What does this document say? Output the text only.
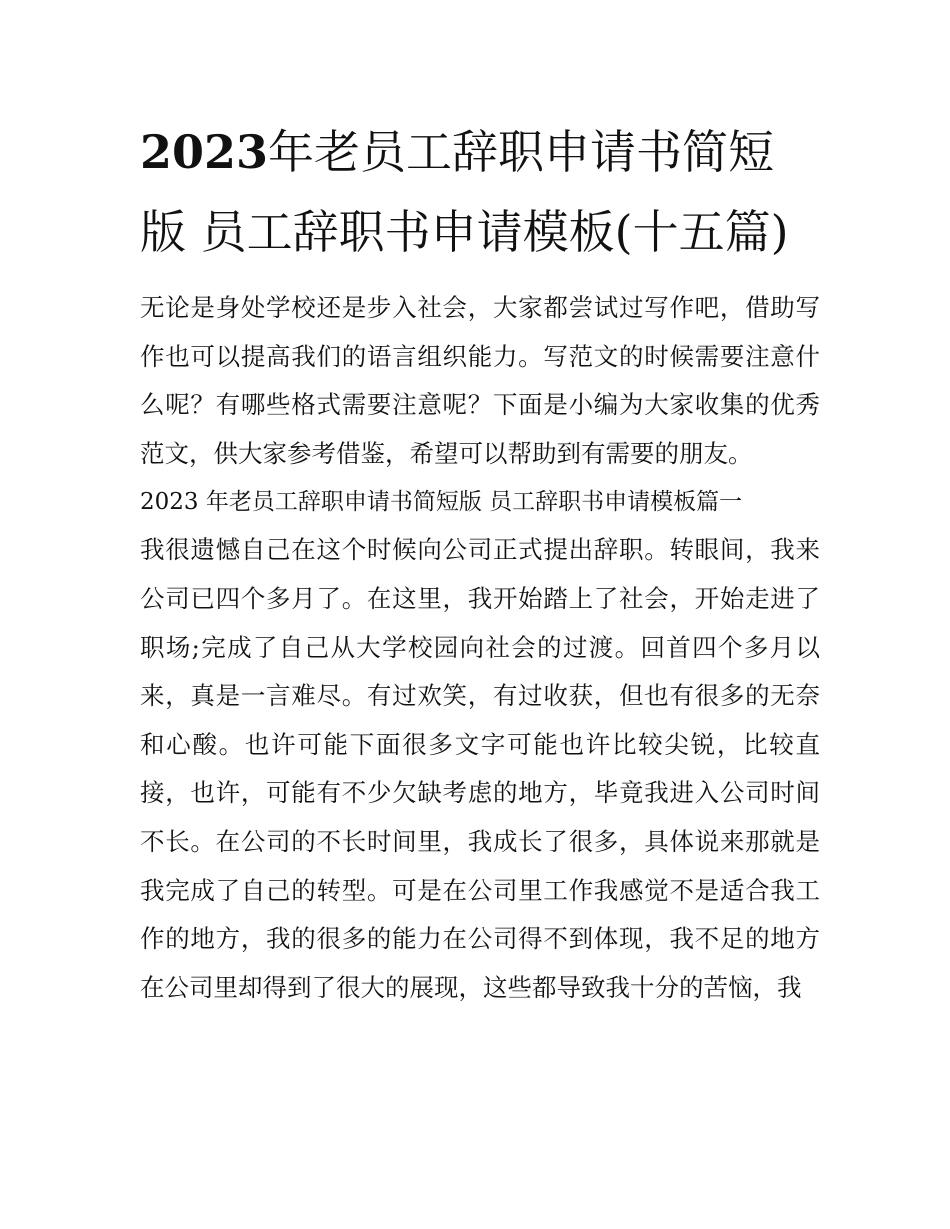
2023年老员工辞职申请书简短版 员工辞职书申请模板(十五篇)

无论是身处学校还是步入社会，大家都尝试过写作吧，借助写作也可以提高我们的语言组织能力。写范文的时候需要注意什么呢？有哪些格式需要注意呢？下面是小编为大家收集的优秀范文，供大家参考借鉴，希望可以帮助到有需要的朋友。

2023 年老员工辞职申请书简短版 员工辞职书申请模板篇一

我很遗憾自己在这个时候向公司正式提出辞职。转眼间，我来公司已四个多月了。在这里，我开始踏上了社会，开始走进了职场;完成了自己从大学校园向社会的过渡。回首四个多月以来，真是一言难尽。有过欢笑，有过收获，但也有很多的无奈和心酸。也许可能下面很多文字可能也许比较尖锐，比较直接，也许，可能有不少欠缺考虑的地方，毕竟我进入公司时间不长。在公司的不长时间里，我成长了很多，具体说来那就是我完成了自己的转型。可是在公司里工作我感觉不是适合我工作的地方，我的很多的能力在公司得不到体现，我不足的地方在公司里却得到了很大的展现，这些都导致我十分的苦恼，我
